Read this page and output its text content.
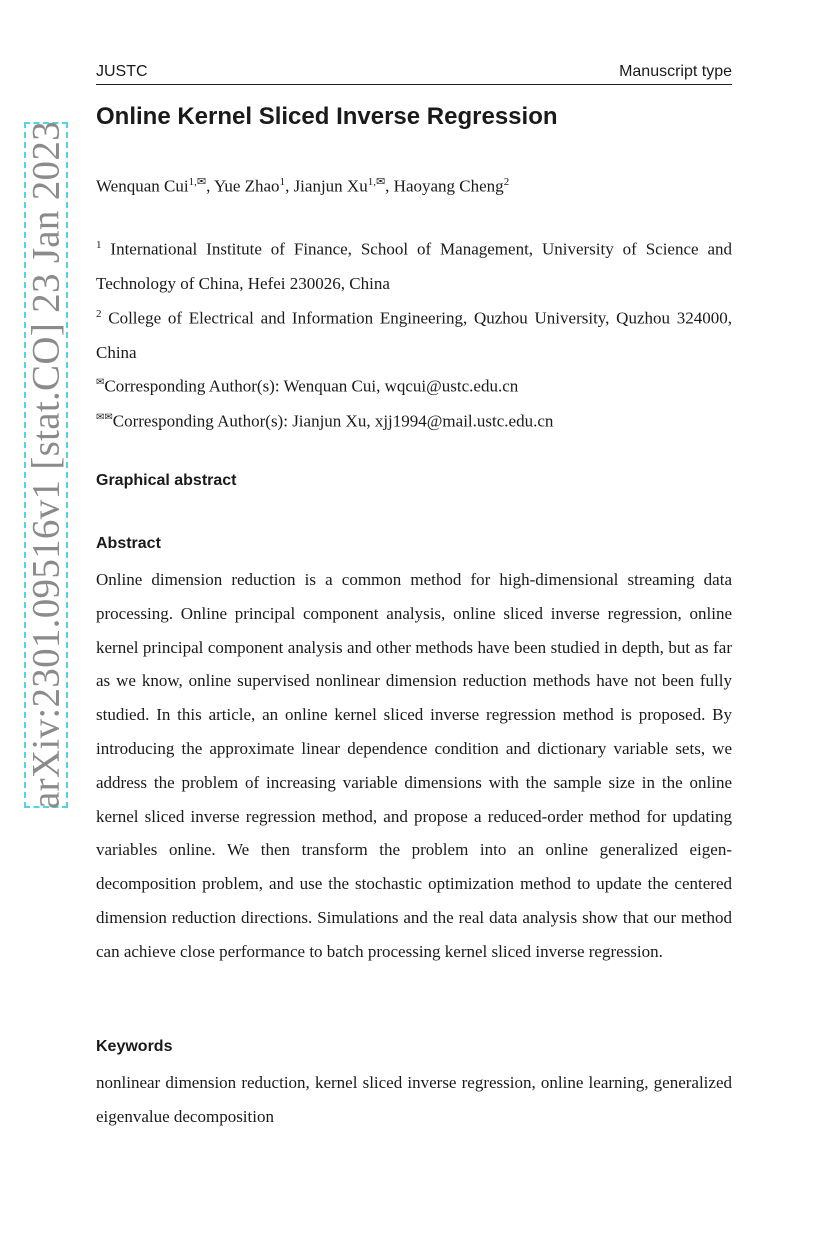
arXiv:2301.09516v1 [stat.CO] 23 Jan 2023
JUSTC	Manuscript type
Online Kernel Sliced Inverse Regression
Wenquan Cui$^{1,✉}$, Yue Zhao$^1$, Jianjun $Xu^{1,✉}$, Haoyang Cheng$^2$
$^1$ International Institute of Finance, School of Management, University of Science and Technology of China, Hefei 230026, China
$^2$ College of Electrical and Information Engineering, Quzhou University, Quzhou 324000, China
✉Corresponding Author(s): Wenquan Cui, wqcui@ustc.edu.cn
✉✉Corresponding Author(s): Jianjun Xu, xjj1994@mail.ustc.edu.cn
Graphical abstract
Abstract
Online dimension reduction is a common method for high-dimensional streaming data processing. Online principal component analysis, online sliced inverse regression, online kernel principal component analysis and other methods have been studied in depth, but as far as we know, online supervised nonlinear dimension reduction methods have not been fully studied. In this article, an online kernel sliced inverse regression method is proposed. By introducing the approximate linear dependence condition and dictionary variable sets, we address the problem of increasing variable dimensions with the sample size in the online kernel sliced inverse regression method, and propose a reduced-order method for updating variables online. We then transform the problem into an online generalized eigen-decomposition problem, and use the stochastic optimization method to update the centered dimension reduction directions. Simulations and the real data analysis show that our method can achieve close performance to batch processing kernel sliced inverse regression.
Keywords
nonlinear dimension reduction, kernel sliced inverse regression, online learning, generalized eigenvalue decomposition
